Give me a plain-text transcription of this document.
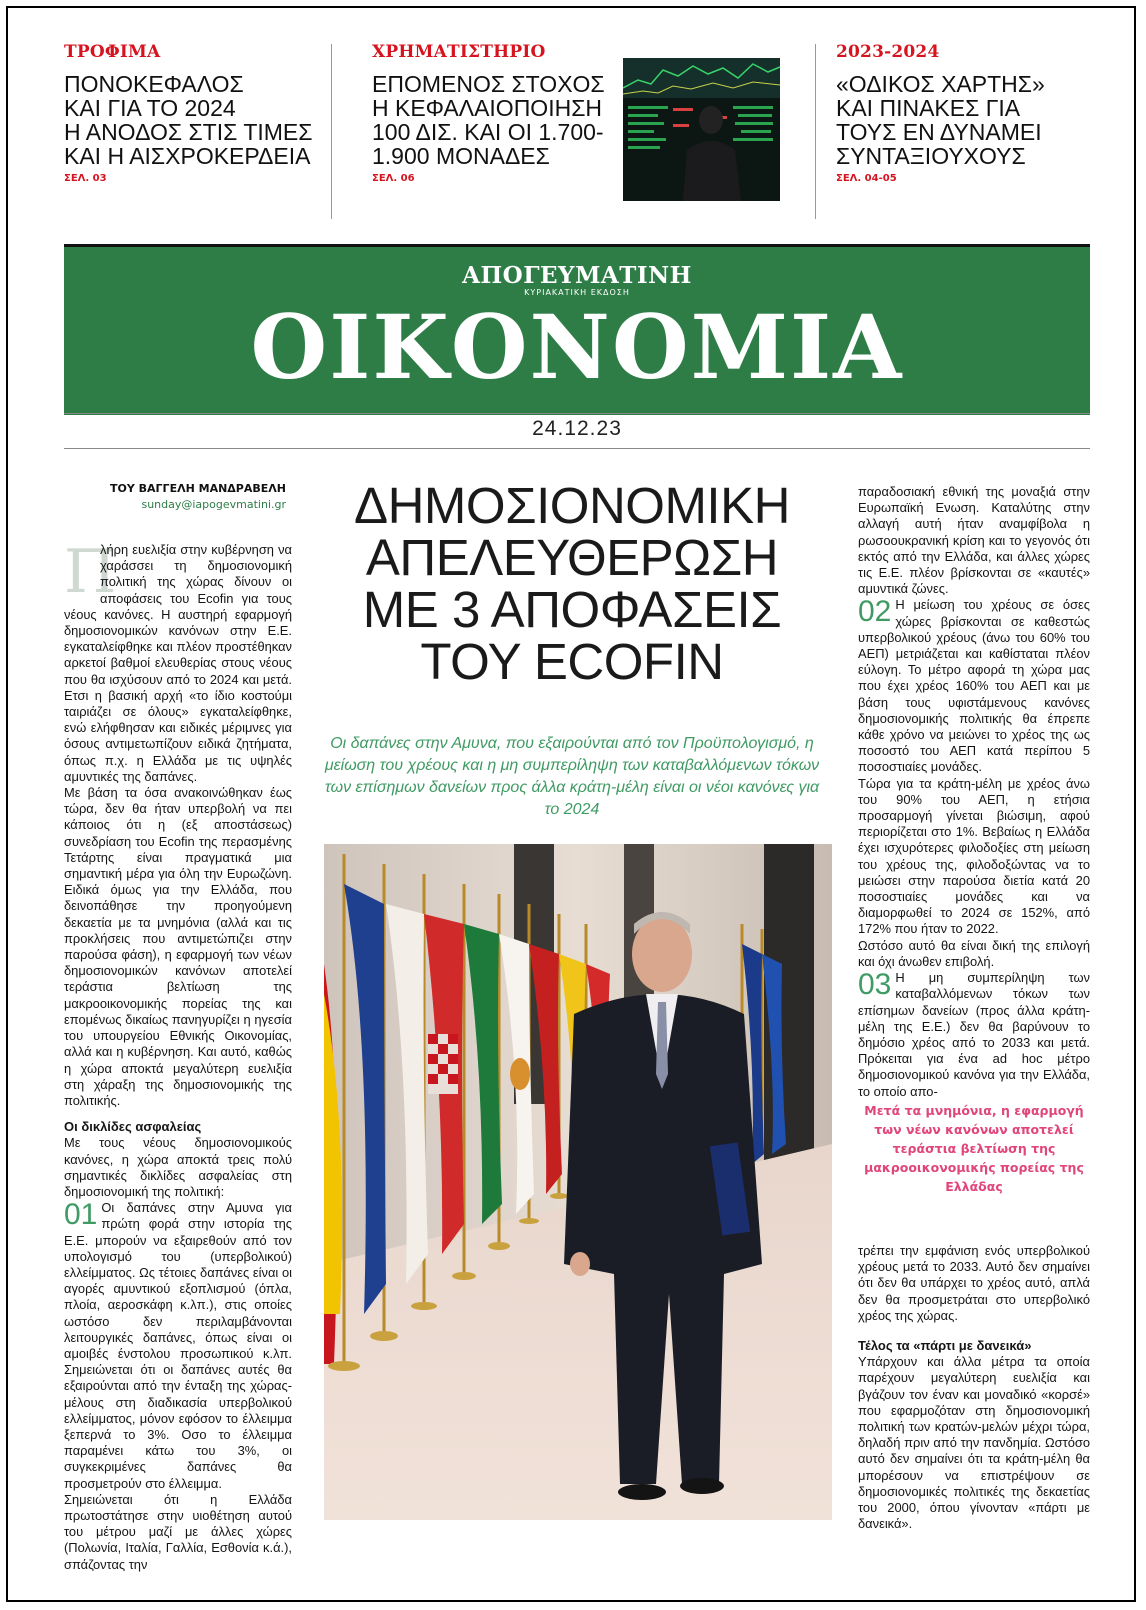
ΤΡΟΦΙΜΑ
ΠΟΝΟΚΕΦΑΛΟΣ
ΚΑΙ ΓΙΑ ΤΟ 2024
Η ΑΝΟΔΟΣ ΣΤΙΣ ΤΙΜΕΣ
ΚΑΙ Η ΑΙΣΧΡΟΚΕΡΔΕΙΑ
ΣΕΛ. 03
ΧΡΗΜΑΤΙΣΤΗΡΙΟ
ΕΠΟΜΕΝΟΣ ΣΤΟΧΟΣ
Η ΚΕΦΑΛΑΙΟΠΟΙΗΣΗ
100 ΔΙΣ. ΚΑΙ ΟΙ 1.700-
1.900 ΜΟΝΑΔΕΣ
ΣΕΛ. 06
2023-2024
«ΟΔΙΚΟΣ ΧΑΡΤΗΣ»
ΚΑΙ ΠΙΝΑΚΕΣ ΓΙΑ
ΤΟΥΣ ΕΝ ΔΥΝΑΜΕΙ
ΣΥΝΤΑΞΙΟΥΧΟΥΣ
ΣΕΛ. 04-05
ΑΠΟΓΕΥΜΑΤΙΝΗ
ΚΥΡΙΑΚΑΤΙΚΗ ΕΚΔΟΣΗ
ΟΙΚΟΝΟΜΙΑ
24.12.23
ΤΟΥ ΒΑΓΓΕΛΗ ΜΑΝΔΡΑΒΕΛΗ
sunday@iapogevmatini.gr

Π
λήρη ευελιξία στην κυβέρνηση να χαράσσει τη δημοσιονομική πολιτική της χώρας δίνουν οι αποφάσεις του Ecofin για τους νέους κανόνες. Η αυστηρή εφαρμογή δημοσιονομικών κανόνων στην Ε.Ε. εγκαταλείφθηκε και πλέον προστέθηκαν αρκετοί βαθμοί ελευθερίας στους νέους που θα ισχύσουν από το 2024 και μετά. Ετσι η βασική αρχή «το ίδιο κοστούμι ταιριάζει σε όλους» εγκαταλείφθηκε, ενώ ελήφθησαν και ειδικές μέριμνες για όσους αντιμετωπίζουν ειδικά ζητήματα, όπως π.χ. η Ελλάδα με τις υψηλές αμυντικές της δαπάνες.

Με βάση τα όσα ανακοινώθηκαν έως τώρα, δεν θα ήταν υπερβολή να πει κάποιος ότι η (εξ αποστάσεως) συνεδρίαση του Ecofin της περασμένης Τετάρτης είναι πραγματικά μια σημαντική μέρα για όλη την Ευρωζώνη. Ειδικά όμως για την Ελλάδα, που δεινοπάθησε την προηγούμενη δεκαετία με τα μνημόνια (αλλά και τις προκλήσεις που αντιμετώπιζει στην παρούσα φάση), η εφαρμογή των νέων δημοσιονομικών κανόνων αποτελεί τεράστια βελτίωση της μακροοικονομικής πορείας της και επομένως δικαίως πανηγυρίζει η ηγεσία του υπουργείου Εθνικής Οικονομίας, αλλά και η κυβέρνηση. Και αυτό, καθώς η χώρα αποκτά μεγαλύτερη ευελιξία στη χάραξη της δημοσιονομικής της πολιτικής.

Οι δικλίδες ασφαλείας

Με τους νέους δημοσιονομικούς κανόνες, η χώρα αποκτά τρεις πολύ σημαντικές δικλίδες ασφαλείας στη δημοσιονομική της πολιτική:

01 Οι δαπάνες στην Αμυνα για πρώτη φορά στην ιστορία της Ε.Ε. μπορούν να εξαιρεθούν από τον υπολογισμό του (υπερβολικού) ελλείμματος. Ως τέτοιες δαπάνες είναι οι αγορές αμυντικού εξοπλισμού (όπλα, πλοία, αεροσκάφη κ.λπ.), στις οποίες ωστόσο δεν περιλαμβάνονται λειτουργικές δαπάνες, όπως είναι οι αμοιβές ένστολου προσωπικού κ.λπ. Σημειώνεται ότι οι δαπάνες αυτές θα εξαιρούνται από την ένταξη της χώρας-μέλους στη διαδικασία υπερβολικού ελλείμματος, μόνον εφόσον το έλλειμμα ξεπερνά το 3%. Οσο το έλλειμμα παραμένει κάτω του 3%, οι συγκεκριμένες δαπάνες θα προσμετρούν στο έλλειμμα.

Σημειώνεται ότι η Ελλάδα πρωτοστάτησε στην υιοθέτηση αυτού του μέτρου μαζί με άλλες χώρες (Πολωνία, Ιταλία, Γαλλία, Εσθονία κ.ά.), σπάζοντας την

ΔΗΜΟΣΙΟΝΟΜΙΚΗ
ΑΠΕΛΕΥΘΕΡΩΣΗ
ΜΕ 3 ΑΠΟΦΑΣΕΙΣ
ΤΟΥ ECOFIN
Οι δαπάνες στην Αμυνα, που εξαιρούνται από τον Προϋπολογισμό, η μείωση του χρέους και η μη συμπερίληψη των καταβαλλόμενων τόκων των επίσημων δανείων προς άλλα κράτη-μέλη είναι οι νέοι κανόνες για το 2024

παραδοσιακή εθνική της μοναξιά στην Ευρωπαϊκή Ενωση. Καταλύτης στην αλλαγή αυτή ήταν αναμφίβολα η ρωσοουκρανική κρίση και το γεγονός ότι εκτός από την Ελλάδα, και άλλες χώρες τις Ε.Ε. πλέον βρίσκονται σε «καυτές» αμυντικά ζώνες.

02 Η μείωση του χρέους σε όσες χώρες βρίσκονται σε καθεστώς υπερβολικού χρέους (άνω του 60% του ΑΕΠ) μετριάζεται και καθίσταται πλέον εύλογη. Το μέτρο αφορά τη χώρα μας που έχει χρέος 160% του ΑΕΠ και με βάση τους υφιστάμενους κανόνες δημοσιονομικής πολιτικής θα έπρεπε κάθε χρόνο να μειώνει το χρέος της ως ποσοστό του ΑΕΠ κατά περίπου 5 ποσοστιαίες μονάδες.

Τώρα για τα κράτη-μέλη με χρέος άνω του 90% του ΑΕΠ, η ετήσια προσαρμογή γίνεται βιώσιμη, αφού περιορίζεται στο 1%. Βεβαίως η Ελλάδα έχει ισχυρότερες φιλοδοξίες στη μείωση του χρέους της, φιλοδοξώντας να το μειώσει στην παρούσα διετία κατά 20 ποσοστιαίες μονάδες και να διαμορφωθεί το 2024 σε 152%, από 172% που ήταν το 2022.

Ωστόσο αυτό θα είναι δική της επιλογή και όχι άνωθεν επιβολή.

03 Η μη συμπερίληψη των καταβαλλόμενων τόκων των επίσημων δανείων (προς άλλα κράτη-μέλη της Ε.Ε.) δεν θα βαρύνουν το δημόσιο χρέος από το 2033 και μετά. Πρόκειται για ένα ad hoc μέτρο δημοσιονομικού κανόνα για την Ελλάδα, το οποίο απο-

Μετά τα μνημόνια, η εφαρμογή των νέων κανόνων αποτελεί τεράστια βελτίωση της μακροοικονομικής πορείας της Ελλάδας

τρέπει την εμφάνιση ενός υπερβολικού χρέους μετά το 2033. Αυτό δεν σημαίνει ότι δεν θα υπάρχει το χρέος αυτό, απλά δεν θα προσμετράται στο υπερβολικό χρέος της χώρας.

Τέλος τα «πάρτι με δανεικά»

Υπάρχουν και άλλα μέτρα τα οποία παρέχουν μεγαλύτερη ευελιξία και βγάζουν τον έναν και μοναδικό «κορσέ» που εφαρμοζόταν στη δημοσιονομική πολιτική των κρατών-μελών μέχρι τώρα, δηλαδή πριν από την πανδημία. Ωστόσο αυτό δεν σημαίνει ότι τα κράτη-μέλη θα μπορέσουν να επιστρέψουν σε δημοσιονομικές πολιτικές της δεκαετίας του 2000, όπου γίνονταν «πάρτι με δανεικά».
